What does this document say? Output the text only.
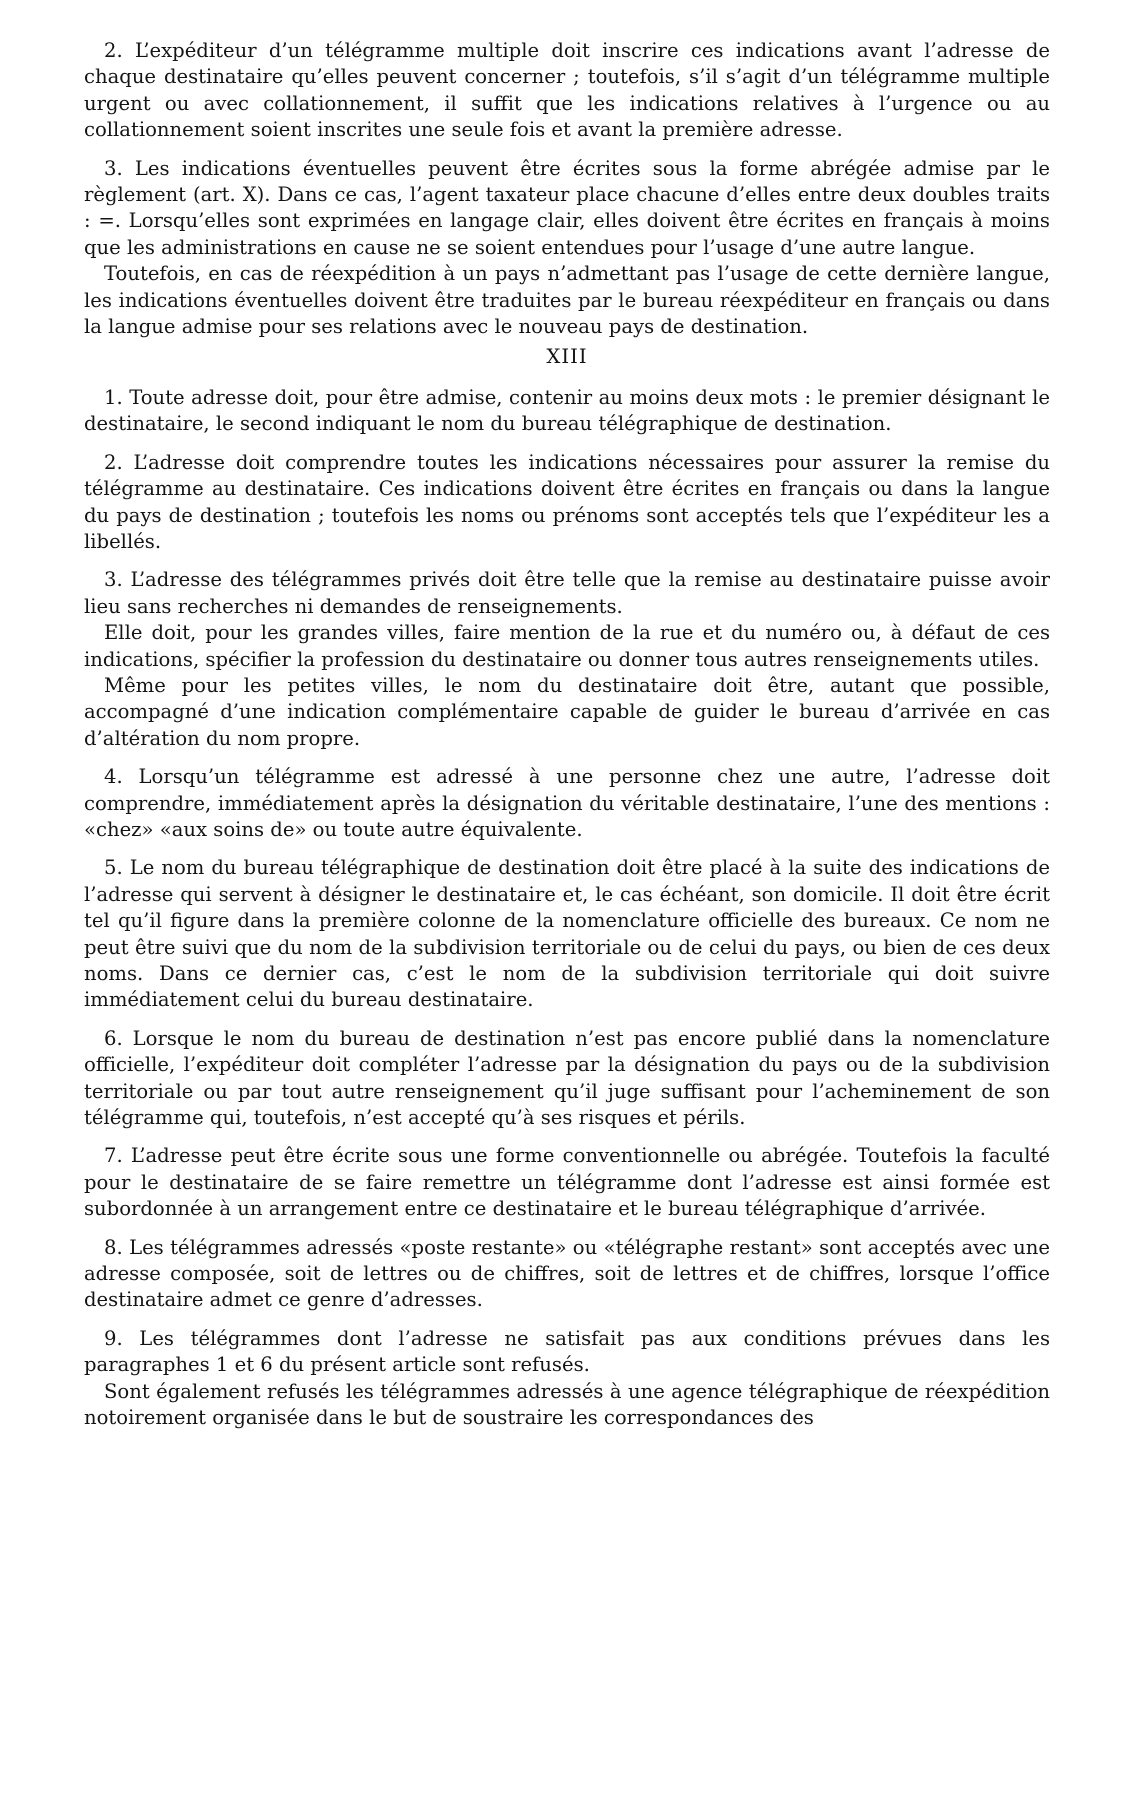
2. L’expéditeur d’un télégramme multiple doit inscrire ces indications avant l’adresse de chaque destinataire qu’elles peuvent concerner ; toutefois, s’il s’agit d’un télégramme multiple urgent ou avec collationnement, il suffit que les indications relatives à l’urgence ou au collationnement soient inscrites une seule fois et avant la première adresse.

3. Les indications éventuelles peuvent être écrites sous la forme abrégée admise par le règlement (art. X). Dans ce cas, l’agent taxateur place chacune d’elles entre deux doubles traits : =. Lorsqu’elles sont exprimées en langage clair, elles doivent être écrites en français à moins que les administrations en cause ne se soient entendues pour l’usage d’une autre langue.

Toutefois, en cas de réexpédition à un pays n’admettant pas l’usage de cette dernière langue, les indications éventuelles doivent être traduites par le bureau réexpéditeur en français ou dans la langue admise pour ses relations avec le nouveau pays de destination.

XIII

1. Toute adresse doit, pour être admise, contenir au moins deux mots : le premier désignant le destinataire, le second indiquant le nom du bureau télégraphique de destination.

2. L’adresse doit comprendre toutes les indications nécessaires pour assurer la remise du télégramme au destinataire. Ces indications doivent être écrites en français ou dans la langue du pays de destination ; toutefois les noms ou prénoms sont acceptés tels que l’expéditeur les a libellés.

3. L’adresse des télégrammes privés doit être telle que la remise au destinataire puisse avoir lieu sans recherches ni demandes de renseignements.

Elle doit, pour les grandes villes, faire mention de la rue et du numéro ou, à défaut de ces indications, spécifier la profession du destinataire ou donner tous autres renseignements utiles.

Même pour les petites villes, le nom du destinataire doit être, autant que possible, accompagné d’une indication complémentaire capable de guider le bureau d’arrivée en cas d’altération du nom propre.

4. Lorsqu’un télégramme est adressé à une personne chez une autre, l’adresse doit comprendre, immédiatement après la désignation du véritable destinataire, l’une des mentions : «chez» «aux soins de» ou toute autre équivalente.

5. Le nom du bureau télégraphique de destination doit être placé à la suite des indications de l’adresse qui servent à désigner le destinataire et, le cas échéant, son domicile. Il doit être écrit tel qu’il figure dans la première colonne de la nomenclature officielle des bureaux. Ce nom ne peut être suivi que du nom de la subdivision territoriale ou de celui du pays, ou bien de ces deux noms. Dans ce dernier cas, c’est le nom de la subdivision territoriale qui doit suivre immédiatement celui du bureau destinataire.

6. Lorsque le nom du bureau de destination n’est pas encore publié dans la nomenclature officielle, l’expéditeur doit compléter l’adresse par la désignation du pays ou de la subdivision territoriale ou par tout autre renseignement qu’il juge suffisant pour l’acheminement de son télégramme qui, toutefois, n’est accepté qu’à ses risques et périls.

7. L’adresse peut être écrite sous une forme conventionnelle ou abrégée. Toutefois la faculté pour le destinataire de se faire remettre un télégramme dont l’adresse est ainsi formée est subordonnée à un arrangement entre ce destinataire et le bureau télégraphique d’arrivée.

8. Les télégrammes adressés «poste restante» ou «télégraphe restant» sont acceptés avec une adresse composée, soit de lettres ou de chiffres, soit de lettres et de chiffres, lorsque l’office destinataire admet ce genre d’adresses.

9. Les télégrammes dont l’adresse ne satisfait pas aux conditions prévues dans les paragraphes 1 et 6 du présent article sont refusés.

Sont également refusés les télégrammes adressés à une agence télégraphique de réexpédition notoirement organisée dans le but de soustraire les correspondances des
